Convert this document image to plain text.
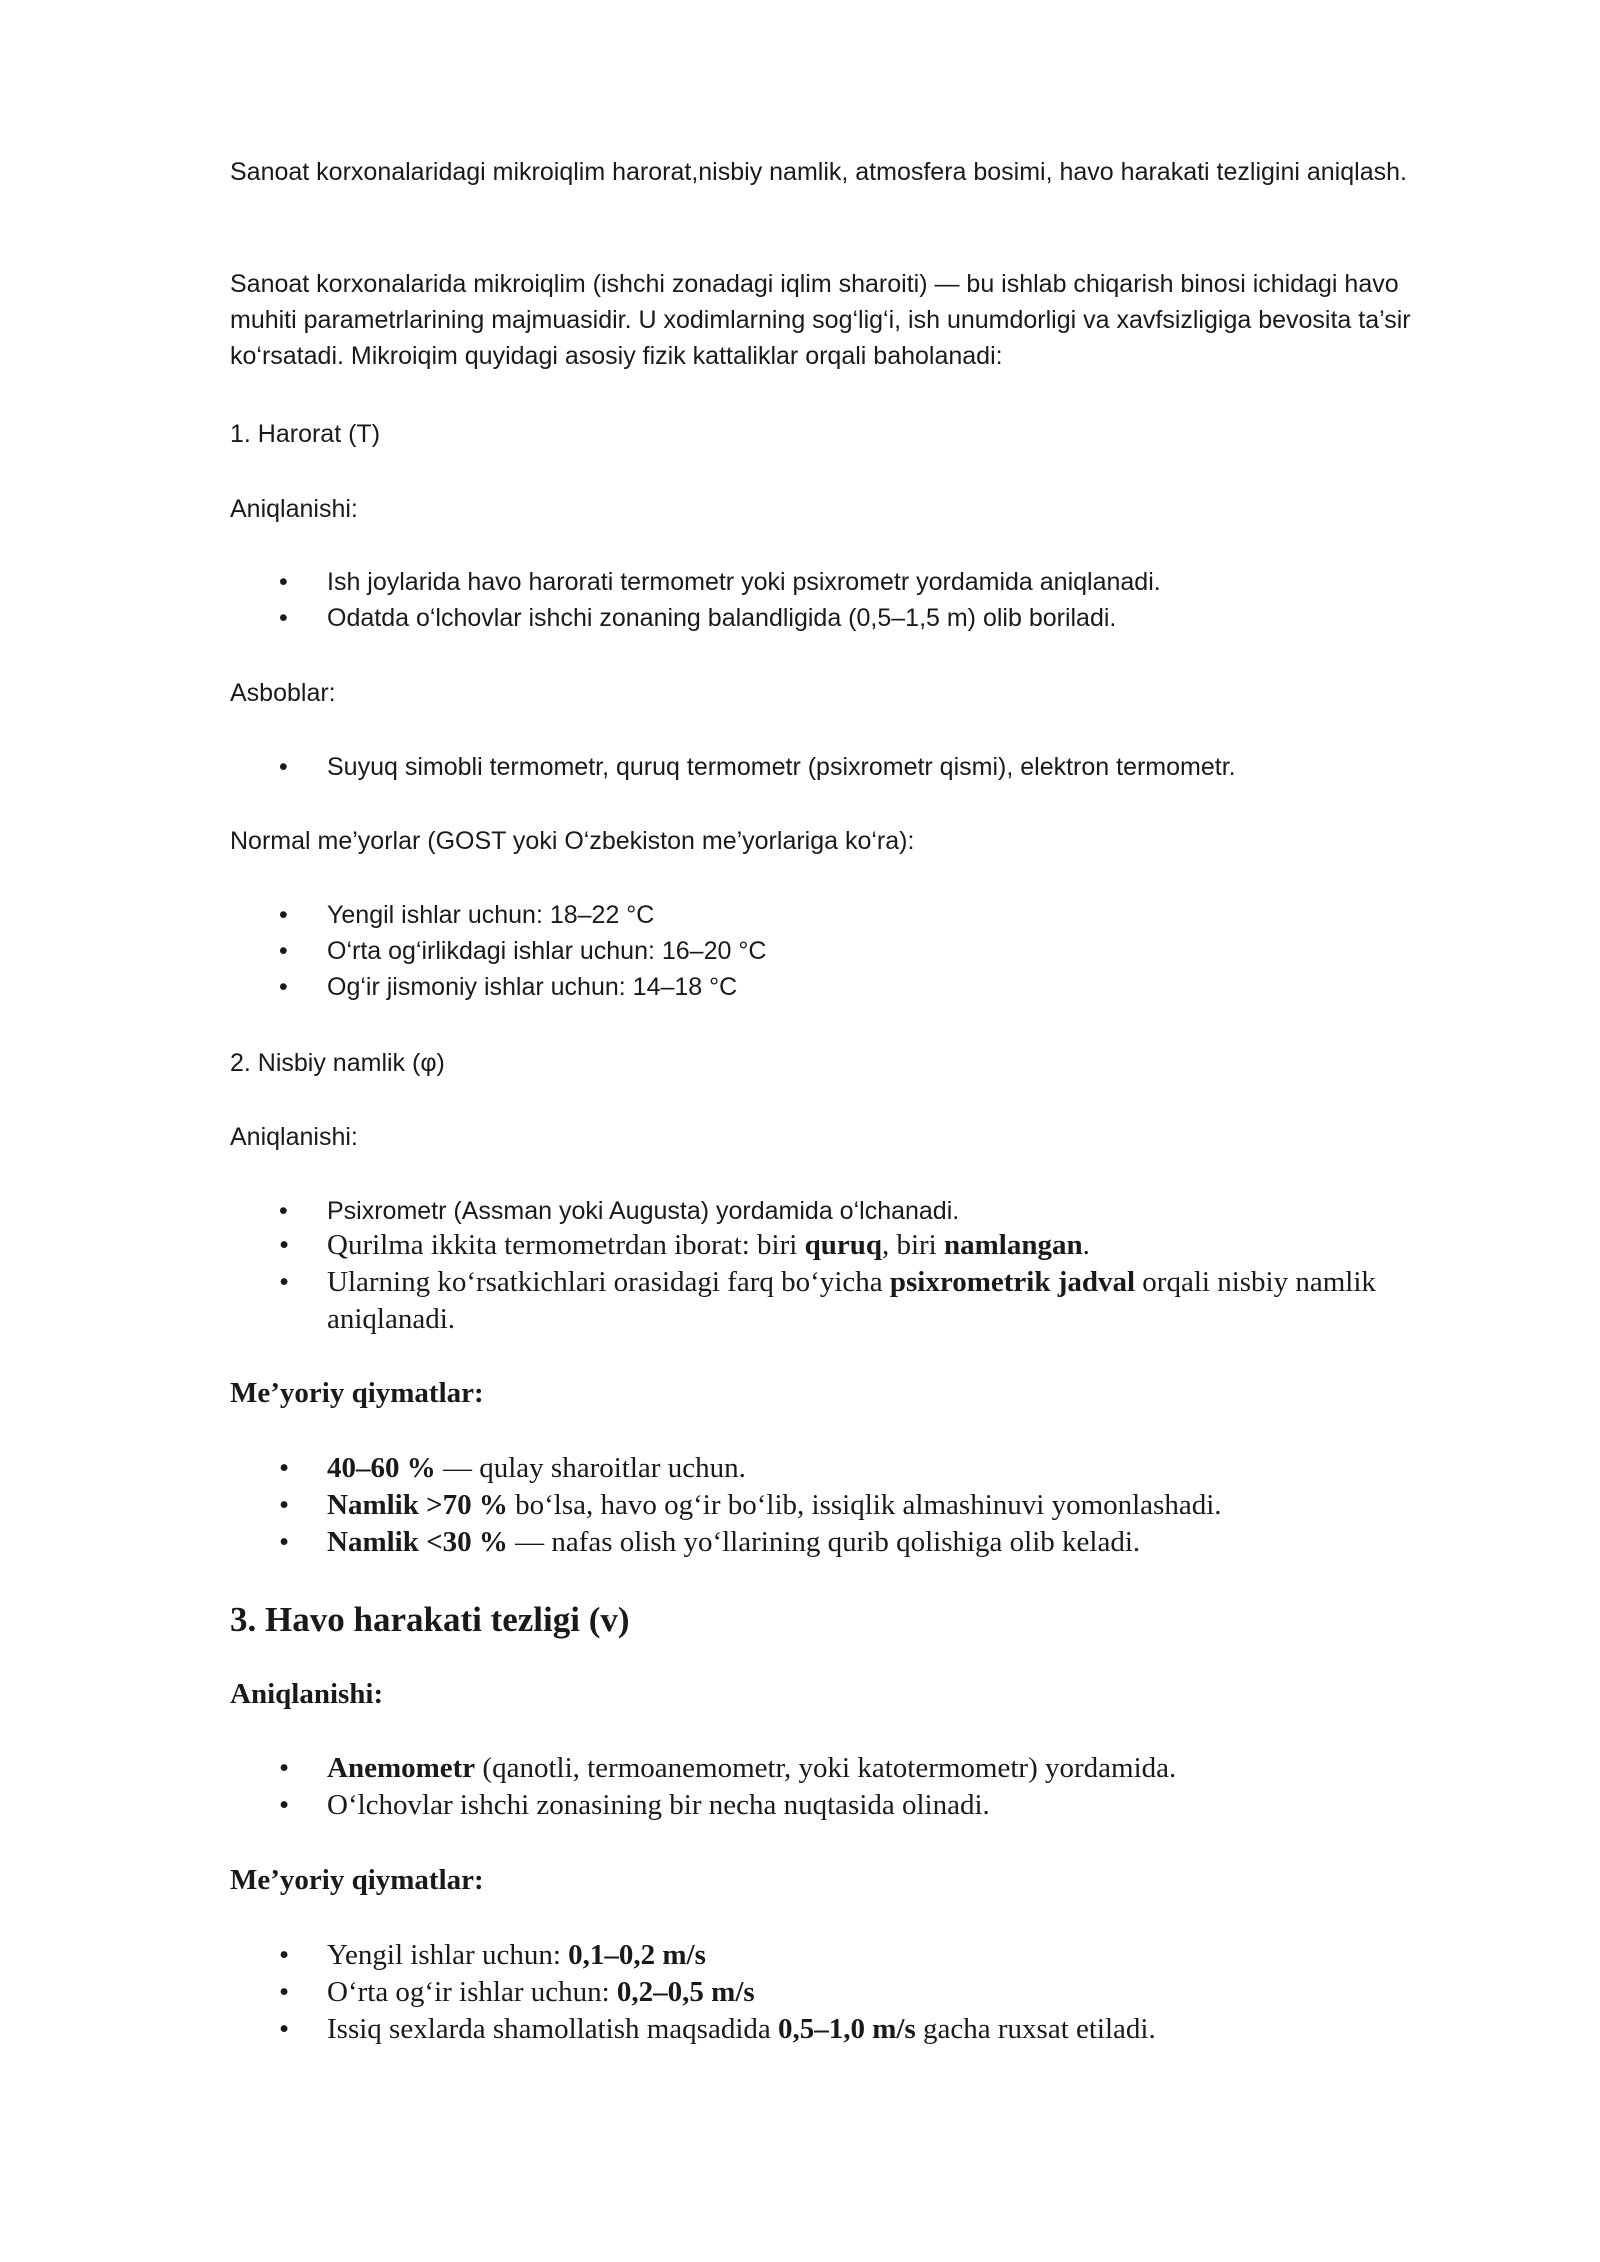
Sanoat korxonalaridagi mikroiqlim harorat,nisbiy namlik, atmosfera bosimi, havo harakati tezligini aniqlash.

Sanoat korxonalarida mikroiqlim (ishchi zonadagi iqlim sharoiti) — bu ishlab chiqarish binosi ichidagi havo muhiti parametrlarining majmuasidir. U xodimlarning sog‘lig‘i, ish unumdorligi va xavfsizligiga bevosita ta’sir ko‘rsatadi. Mikroiqim quyidagi asosiy fizik kattaliklar orqali baholanadi:

1. Harorat (T)

Aniqlanishi:

• Ish joylarida havo harorati termometr yoki psixrometr yordamida aniqlanadi.
• Odatda o‘lchovlar ishchi zonaning balandligida (0,5–1,5 m) olib boriladi.

Asboblar:

• Suyuq simobli termometr, quruq termometr (psixrometr qismi), elektron termometr.

Normal me’yorlar (GOST yoki O‘zbekiston me’yorlariga ko‘ra):

• Yengil ishlar uchun: 18–22 °C
• O‘rta og‘irlikdagi ishlar uchun: 16–20 °C
• Og‘ir jismoniy ishlar uchun: 14–18 °C

2. Nisbiy namlik (φ)

Aniqlanishi:

• Psixrometr (Assman yoki Augusta) yordamida o‘lchanadi.
• Qurilma ikkita termometrdan iborat: biri quruq, biri namlangan.
• Ularning ko‘rsatkichlari orasidagi farq bo‘yicha psixrometrik jadval orqali nisbiy namlik aniqlanadi.

Me’yoriy qiymatlar:

• 40–60 % — qulay sharoitlar uchun.
• Namlik >70 % bo‘lsa, havo og‘ir bo‘lib, issiqlik almashinuvi yomonlashadi.
• Namlik <30 % — nafas olish yo‘llarining qurib qolishiga olib keladi.

3. Havo harakati tezligi (v)

Aniqlanishi:

• Anemometr (qanotli, termoanemometr, yoki katotermometr) yordamida.
• O‘lchovlar ishchi zonasining bir necha nuqtasida olinadi.

Me’yoriy qiymatlar:

• Yengil ishlar uchun: 0,1–0,2 m/s
• O‘rta og‘ir ishlar uchun: 0,2–0,5 m/s
• Issiq sexlarda shamollatish maqsadida 0,5–1,0 m/s gacha ruxsat etiladi.
